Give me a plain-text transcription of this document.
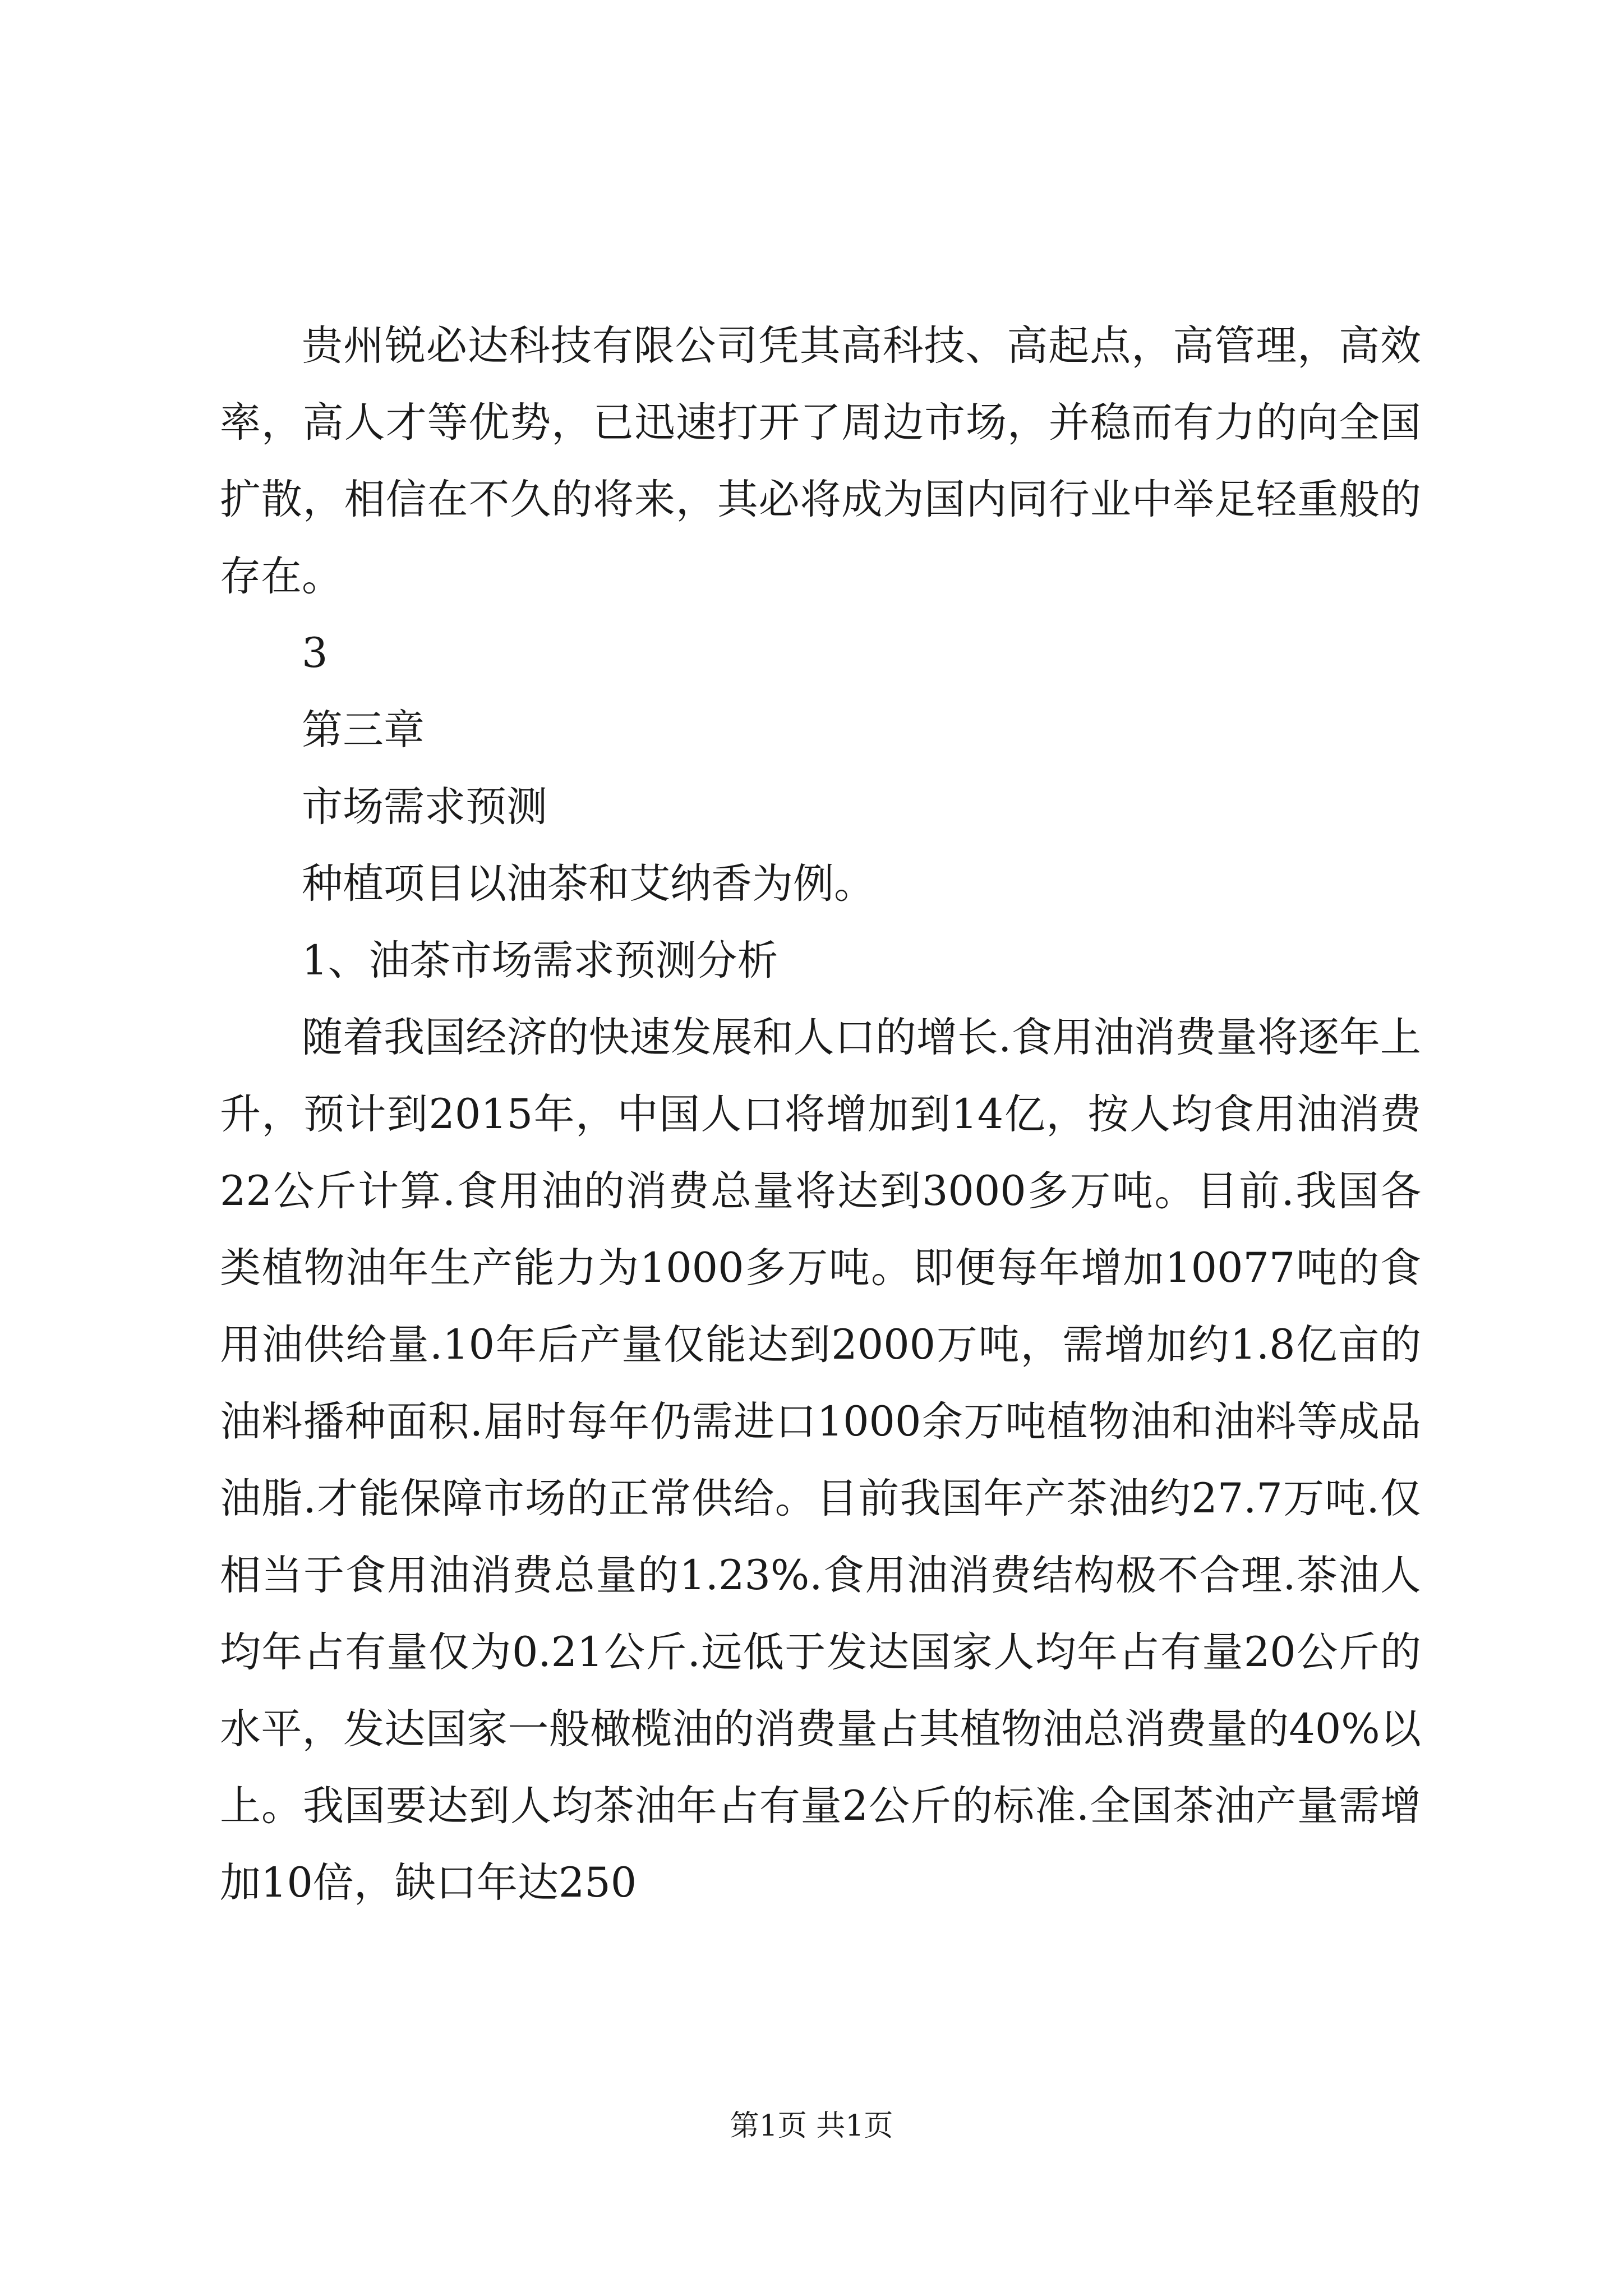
贵州锐必达科技有限公司凭其高科技、高起点，高管理，高效率，高人才等优势，已迅速打开了周边市场，并稳而有力的向全国扩散，相信在不久的将来，其必将成为国内同行业中举足轻重般的存在。

3

第三章

市场需求预测

种植项目以油茶和艾纳香为例。

1、油茶市场需求预测分析

随着我国经济的快速发展和人口的增长.食用油消费量将逐年上升，预计到2015年，中国人口将增加到14亿，按人均食用油消费22公斤计算.食用油的消费总量将达到3000多万吨。目前.我国各类植物油年生产能力为1000多万吨。即便每年增加10077吨的食用油供给量.10年后产量仅能达到2000万吨，需增加约1.8亿亩的油料播种面积.届时每年仍需进口1000余万吨植物油和油料等成品油脂.才能保障市场的正常供给。目前我国年产茶油约27.7万吨.仅相当于食用油消费总量的1.23%.食用油消费结构极不合理.茶油人均年占有量仅为0.21公斤.远低于发达国家人均年占有量20公斤的水平，发达国家一般橄榄油的消费量占其植物油总消费量的40%以上。我国要达到人均茶油年占有量2公斤的标准.全国茶油产量需增加10倍，缺口年达250

第1页 共1页
